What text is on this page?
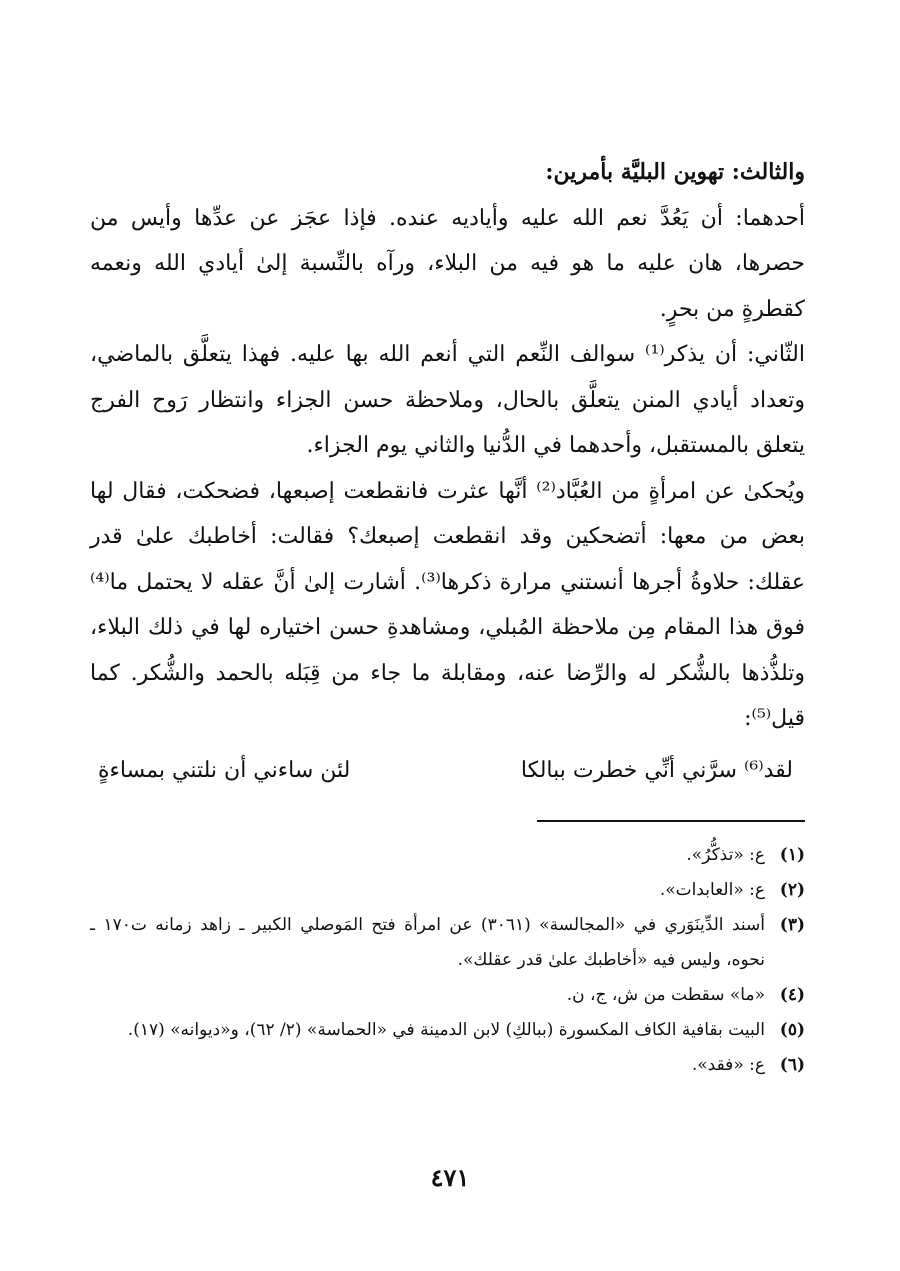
والثالث: تهوين البليَّة بأمرين:

أحدهما: أن يَعُدَّ نعم الله عليه وأياديه عنده. فإذا عجَز عن عدِّها وأيس من حصرها، هان عليه ما هو فيه من البلاء، ورآه بالنِّسبة إلىٰ أيادي الله ونعمه كقطرةٍ من بحرٍ.

الثّاني: أن يذكر⁽¹⁾ سوالف النِّعم التي أنعم الله بها عليه. فهذا يتعلَّق بالماضي، وتعداد أيادي المنن يتعلَّق بالحال، وملاحظة حسن الجزاء وانتظار رَوح الفرج يتعلق بالمستقبل، وأحدهما في الدُّنيا والثاني يوم الجزاء.

ويُحكىٰ عن امرأةٍ من العُبَّاد⁽²⁾ أنَّها عثرت فانقطعت إصبعها، فضحكت، فقال لها بعض من معها: أتضحكين وقد انقطعت إصبعك؟ فقالت: أخاطبك علىٰ قدر عقلك: حلاوةُ أجرها أنستني مرارة ذكرها⁽³⁾. أشارت إلىٰ أنَّ عقله لا يحتمل ما⁽⁴⁾ فوق هذا المقام مِن ملاحظة المُبلي، ومشاهدةِ حسن اختياره لها في ذلك البلاء، وتلذُّذها بالشُّكر له والرِّضا عنه، ومقابلة ما جاء من قِبَله بالحمد والشُّكر. كما قيل⁽⁵⁾:

لقد⁽⁶⁾ سرَّني أنِّي خطرت ببالكا
لئن ساءني أن نلتني بمساءةٍ
(١)
ع: «تذكُّرُ».
(٢)
ع: «العابدات».
(٣)
أسند الدِّينَوَري في «المجالسة» (٣٠٦١) عن امرأة فتح المَوصلي الكبير ـ زاهد زمانه ت١٧٠ ـ نحوه، وليس فيه «أخاطبك علىٰ قدر عقلك».
(٤)
«ما» سقطت من ش، ج، ن.
(٥)
البيت بقافية الكاف المكسورة (ببالكِ) لابن الدمينة في «الحماسة» (٢/ ٦٢)، و«ديوانه» (١٧).
(٦)
ع: «فقد».
٤٧١
